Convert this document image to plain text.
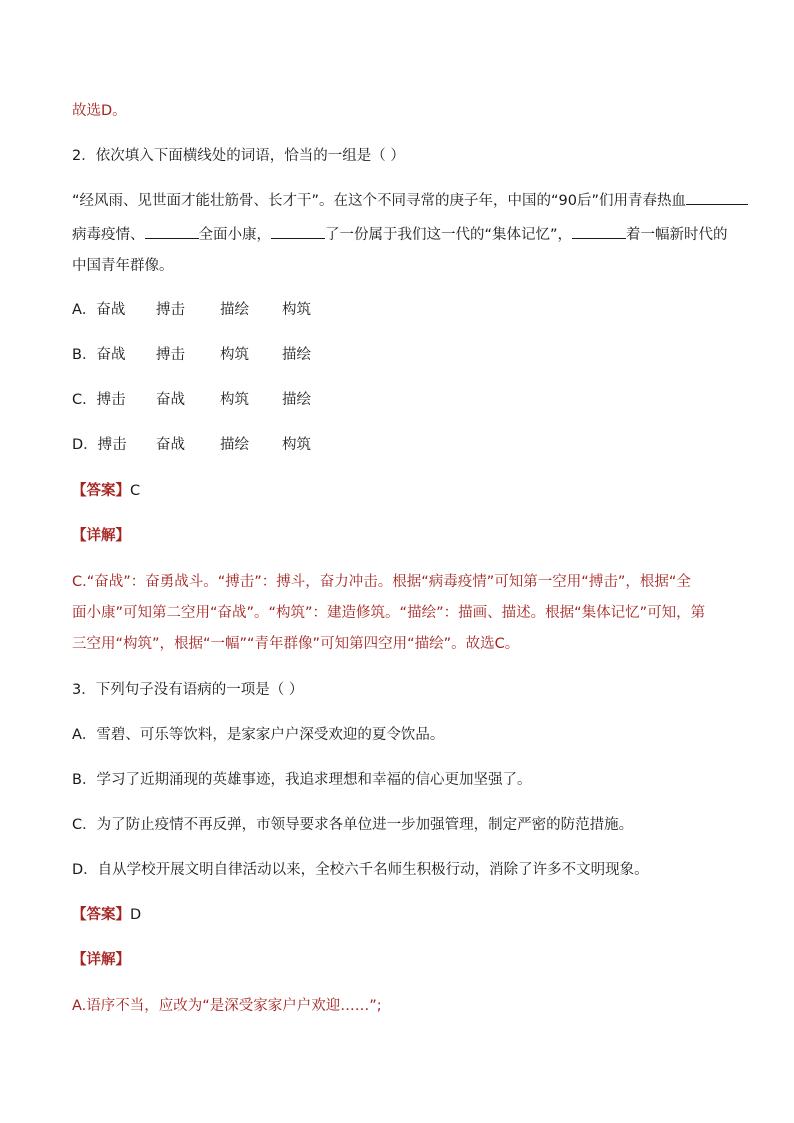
故选D。
2．依次填入下面横线处的词语，恰当的一组是（ ）
“经风雨、见世面才能壮筋骨、长才干”。在这个不同寻常的庚子年，中国的“90后”们用青春热血
病毒疫情、	全面小康，	了一份属于我们这一代的“集体记忆”，	着一幅新时代的
中国青年群像。
A．奋战 搏击 描绘 构筑
B．奋战 搏击 构筑 描绘
C．搏击 奋战 构筑 描绘
D．搏击 奋战 描绘 构筑
【答案】C
【详解】
C.“奋战”：奋勇战斗。“搏击”：搏斗，奋力冲击。根据“病毒疫情”可知第一空用“搏击”，根据“全
面小康”可知第二空用“奋战”。“构筑”：建造修筑。“描绘”：描画、描述。根据“集体记忆”可知，第
三空用“构筑”，根据“一幅”“青年群像”可知第四空用“描绘”。故选C。
3．下列句子没有语病的一项是（ ）
A．雪碧、可乐等饮料，是家家户户深受欢迎的夏令饮品。
B．学习了近期涌现的英雄事迹，我追求理想和幸福的信心更加坚强了。
C．为了防止疫情不再反弹，市领导要求各单位进一步加强管理，制定严密的防范措施。
D．自从学校开展文明自律活动以来，全校六千名师生积极行动，消除了许多不文明现象。
【答案】D
【详解】
A.语序不当，应改为“是深受家家户户欢迎……”;
